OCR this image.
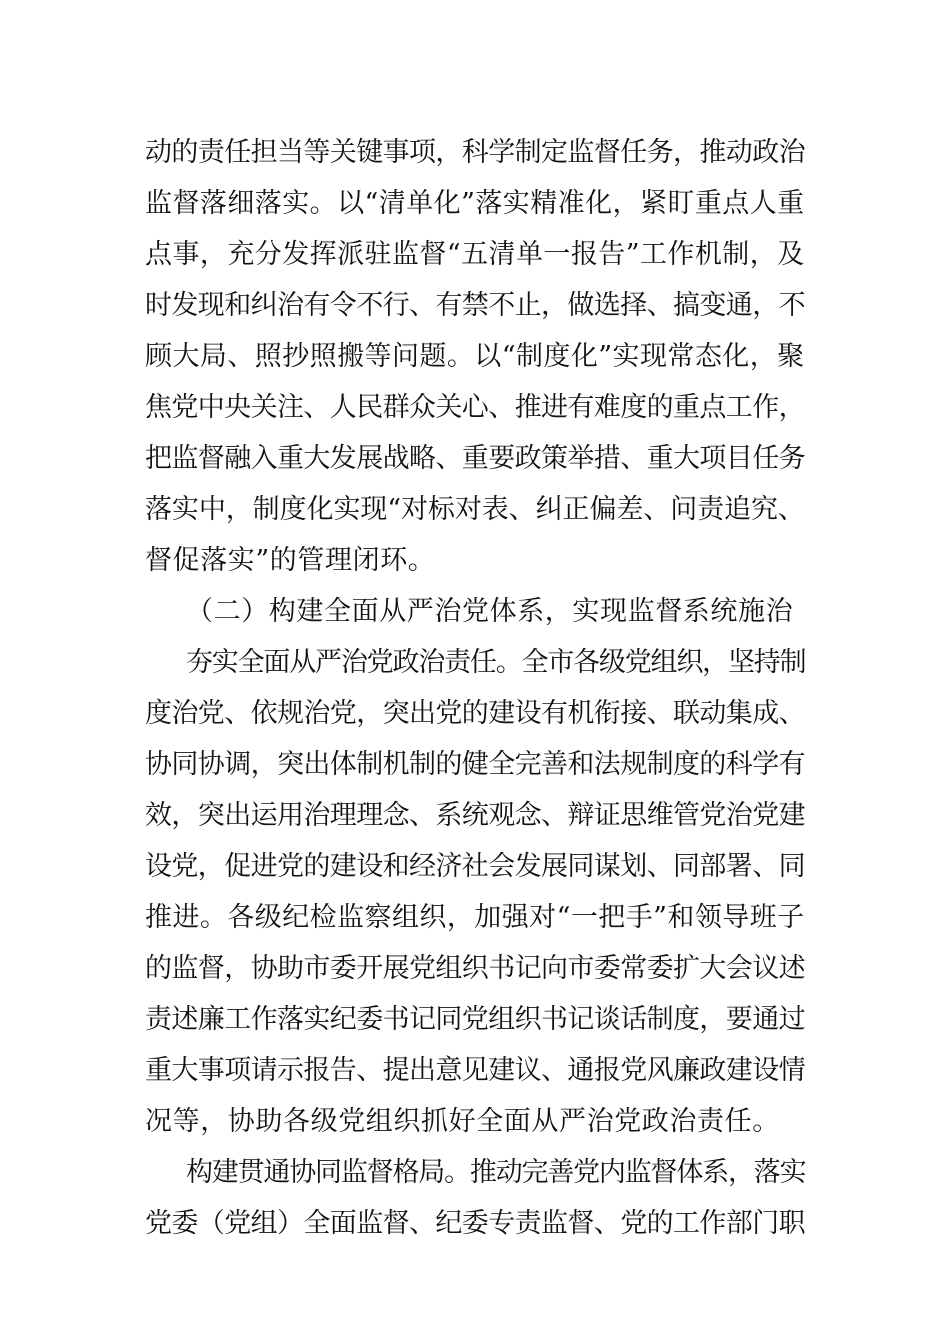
动的责任担当等关键事项，科学制定监督任务，推动政治
监督落细落实。以“清单化”落实精准化，紧盯重点人重
点事，充分发挥派驻监督“五清单一报告”工作机制，及
时发现和纠治有令不行、有禁不止，做选择、搞变通，不
顾大局、照抄照搬等问题。以“制度化”实现常态化，聚
焦党中央关注、人民群众关心、推进有难度的重点工作，
把监督融入重大发展战略、重要政策举措、重大项目任务
落实中，制度化实现“对标对表、纠正偏差、问责追究、
督促落实”的管理闭环。
（二）构建全面从严治党体系，实现监督系统施治
夯实全面从严治党政治责任。全市各级党组织，坚持制
度治党、依规治党，突出党的建设有机衔接、联动集成、
协同协调，突出体制机制的健全完善和法规制度的科学有
效，突出运用治理理念、系统观念、辩证思维管党治党建
设党，促进党的建设和经济社会发展同谋划、同部署、同
推进。各级纪检监察组织，加强对“一把手”和领导班子
的监督，协助市委开展党组织书记向市委常委扩大会议述
责述廉工作落实纪委书记同党组织书记谈话制度，要通过
重大事项请示报告、提出意见建议、通报党风廉政建设情
况等，协助各级党组织抓好全面从严治党政治责任。
构建贯通协同监督格局。推动完善党内监督体系，落实
党委（党组）全面监督、纪委专责监督、党的工作部门职
